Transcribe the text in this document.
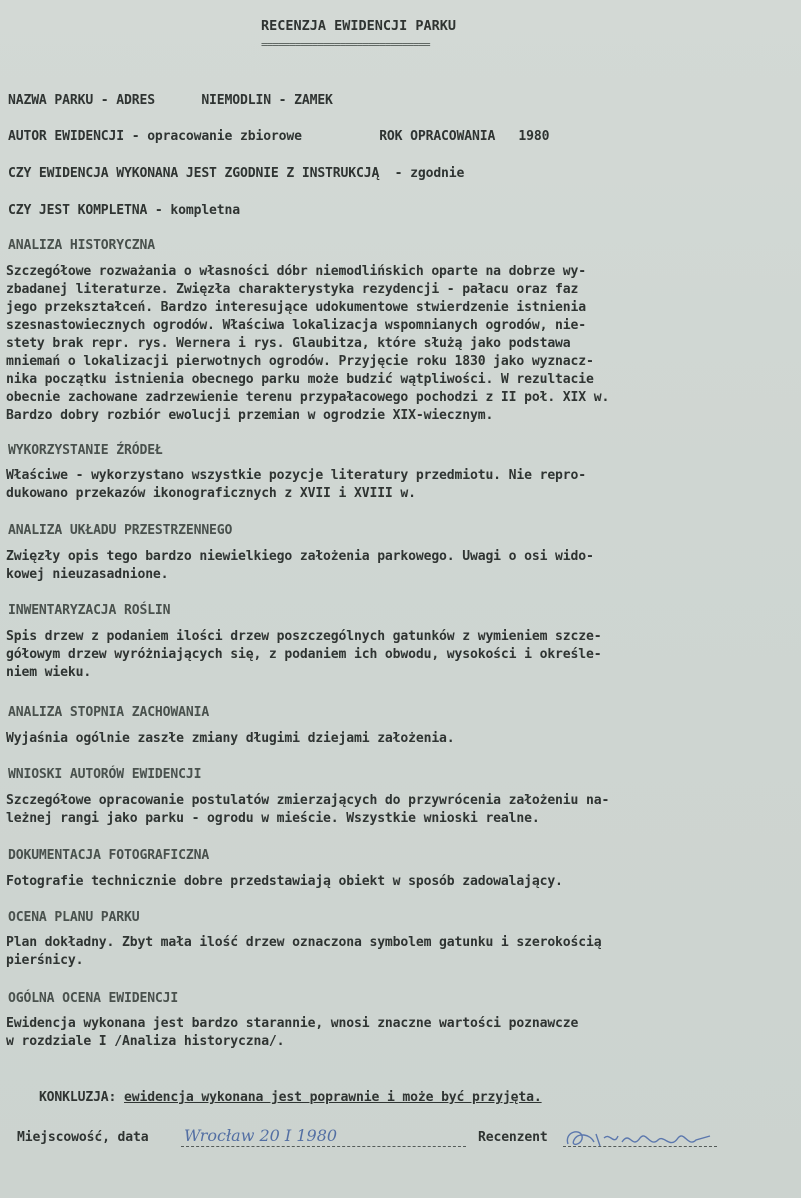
RECENZJA EWIDENCJI PARKU
==============================
NAZWA PARKU - ADRES      NIEMODLIN - ZAMEK
AUTOR EWIDENCJI - opracowanie zbiorowe          ROK OPRACOWANIA   1980
CZY EWIDENCJA WYKONANA JEST ZGODNIE Z INSTRUKCJĄ  - zgodnie
CZY JEST KOMPLETNA - kompletna
ANALIZA HISTORYCZNA
Szczegółowe rozważania o własności dóbr niemodlińskich oparte na dobrze wy-
zbadanej literaturze. Zwięzła charakterystyka rezydencji - pałacu oraz faz
jego przekształceń. Bardzo interesujące udokumentowe stwierdzenie istnienia
szesnastowiecznych ogrodów. Właściwa lokalizacja wspomnianych ogrodów, nie-
stety brak repr. rys. Wernera i rys. Glaubitza, które służą jako podstawa
mniemań o lokalizacji pierwotnych ogrodów. Przyjęcie roku 1830 jako wyznacz-
nika początku istnienia obecnego parku może budzić wątpliwości. W rezultacie
obecnie zachowane zadrzewienie terenu przypałacowego pochodzi z II poł. XIX w.
Bardzo dobry rozbiór ewolucji przemian w ogrodzie XIX-wiecznym.
WYKORZYSTANIE ŹRÓDEŁ
Właściwe - wykorzystano wszystkie pozycje literatury przedmiotu. Nie repro-
dukowano przekazów ikonograficznych z XVII i XVIII w.
ANALIZA UKŁADU PRZESTRZENNEGO
Zwięzły opis tego bardzo niewielkiego założenia parkowego. Uwagi o osi wido-
kowej nieuzasadnione.
INWENTARYZACJA ROŚLIN
Spis drzew z podaniem ilości drzew poszczególnych gatunków z wymieniem szcze-
gółowym drzew wyróżniających się, z podaniem ich obwodu, wysokości i określe-
niem wieku.
ANALIZA STOPNIA ZACHOWANIA
Wyjaśnia ogólnie zaszłe zmiany długimi dziejami założenia.
WNIOSKI AUTORÓW EWIDENCJI
Szczegółowe opracowanie postulatów zmierzających do przywrócenia założeniu na-
leżnej rangi jako parku - ogrodu w mieście. Wszystkie wnioski realne.
DOKUMENTACJA FOTOGRAFICZNA
Fotografie technicznie dobre przedstawiają obiekt w sposób zadowalający.
OCENA PLANU PARKU
Plan dokładny. Zbyt mała ilość drzew oznaczona symbolem gatunku i szerokością
pierśnicy.
OGÓLNA OCENA EWIDENCJI
Ewidencja wykonana jest bardzo starannie, wnosi znaczne wartości poznawcze
w rozdziale I /Analiza historyczna/.

KONKLUZJA: ewidencja wykonana jest poprawnie i może być przyjęta.

Miejscowość, data Wrocław 20 I 1980	Recenzent
